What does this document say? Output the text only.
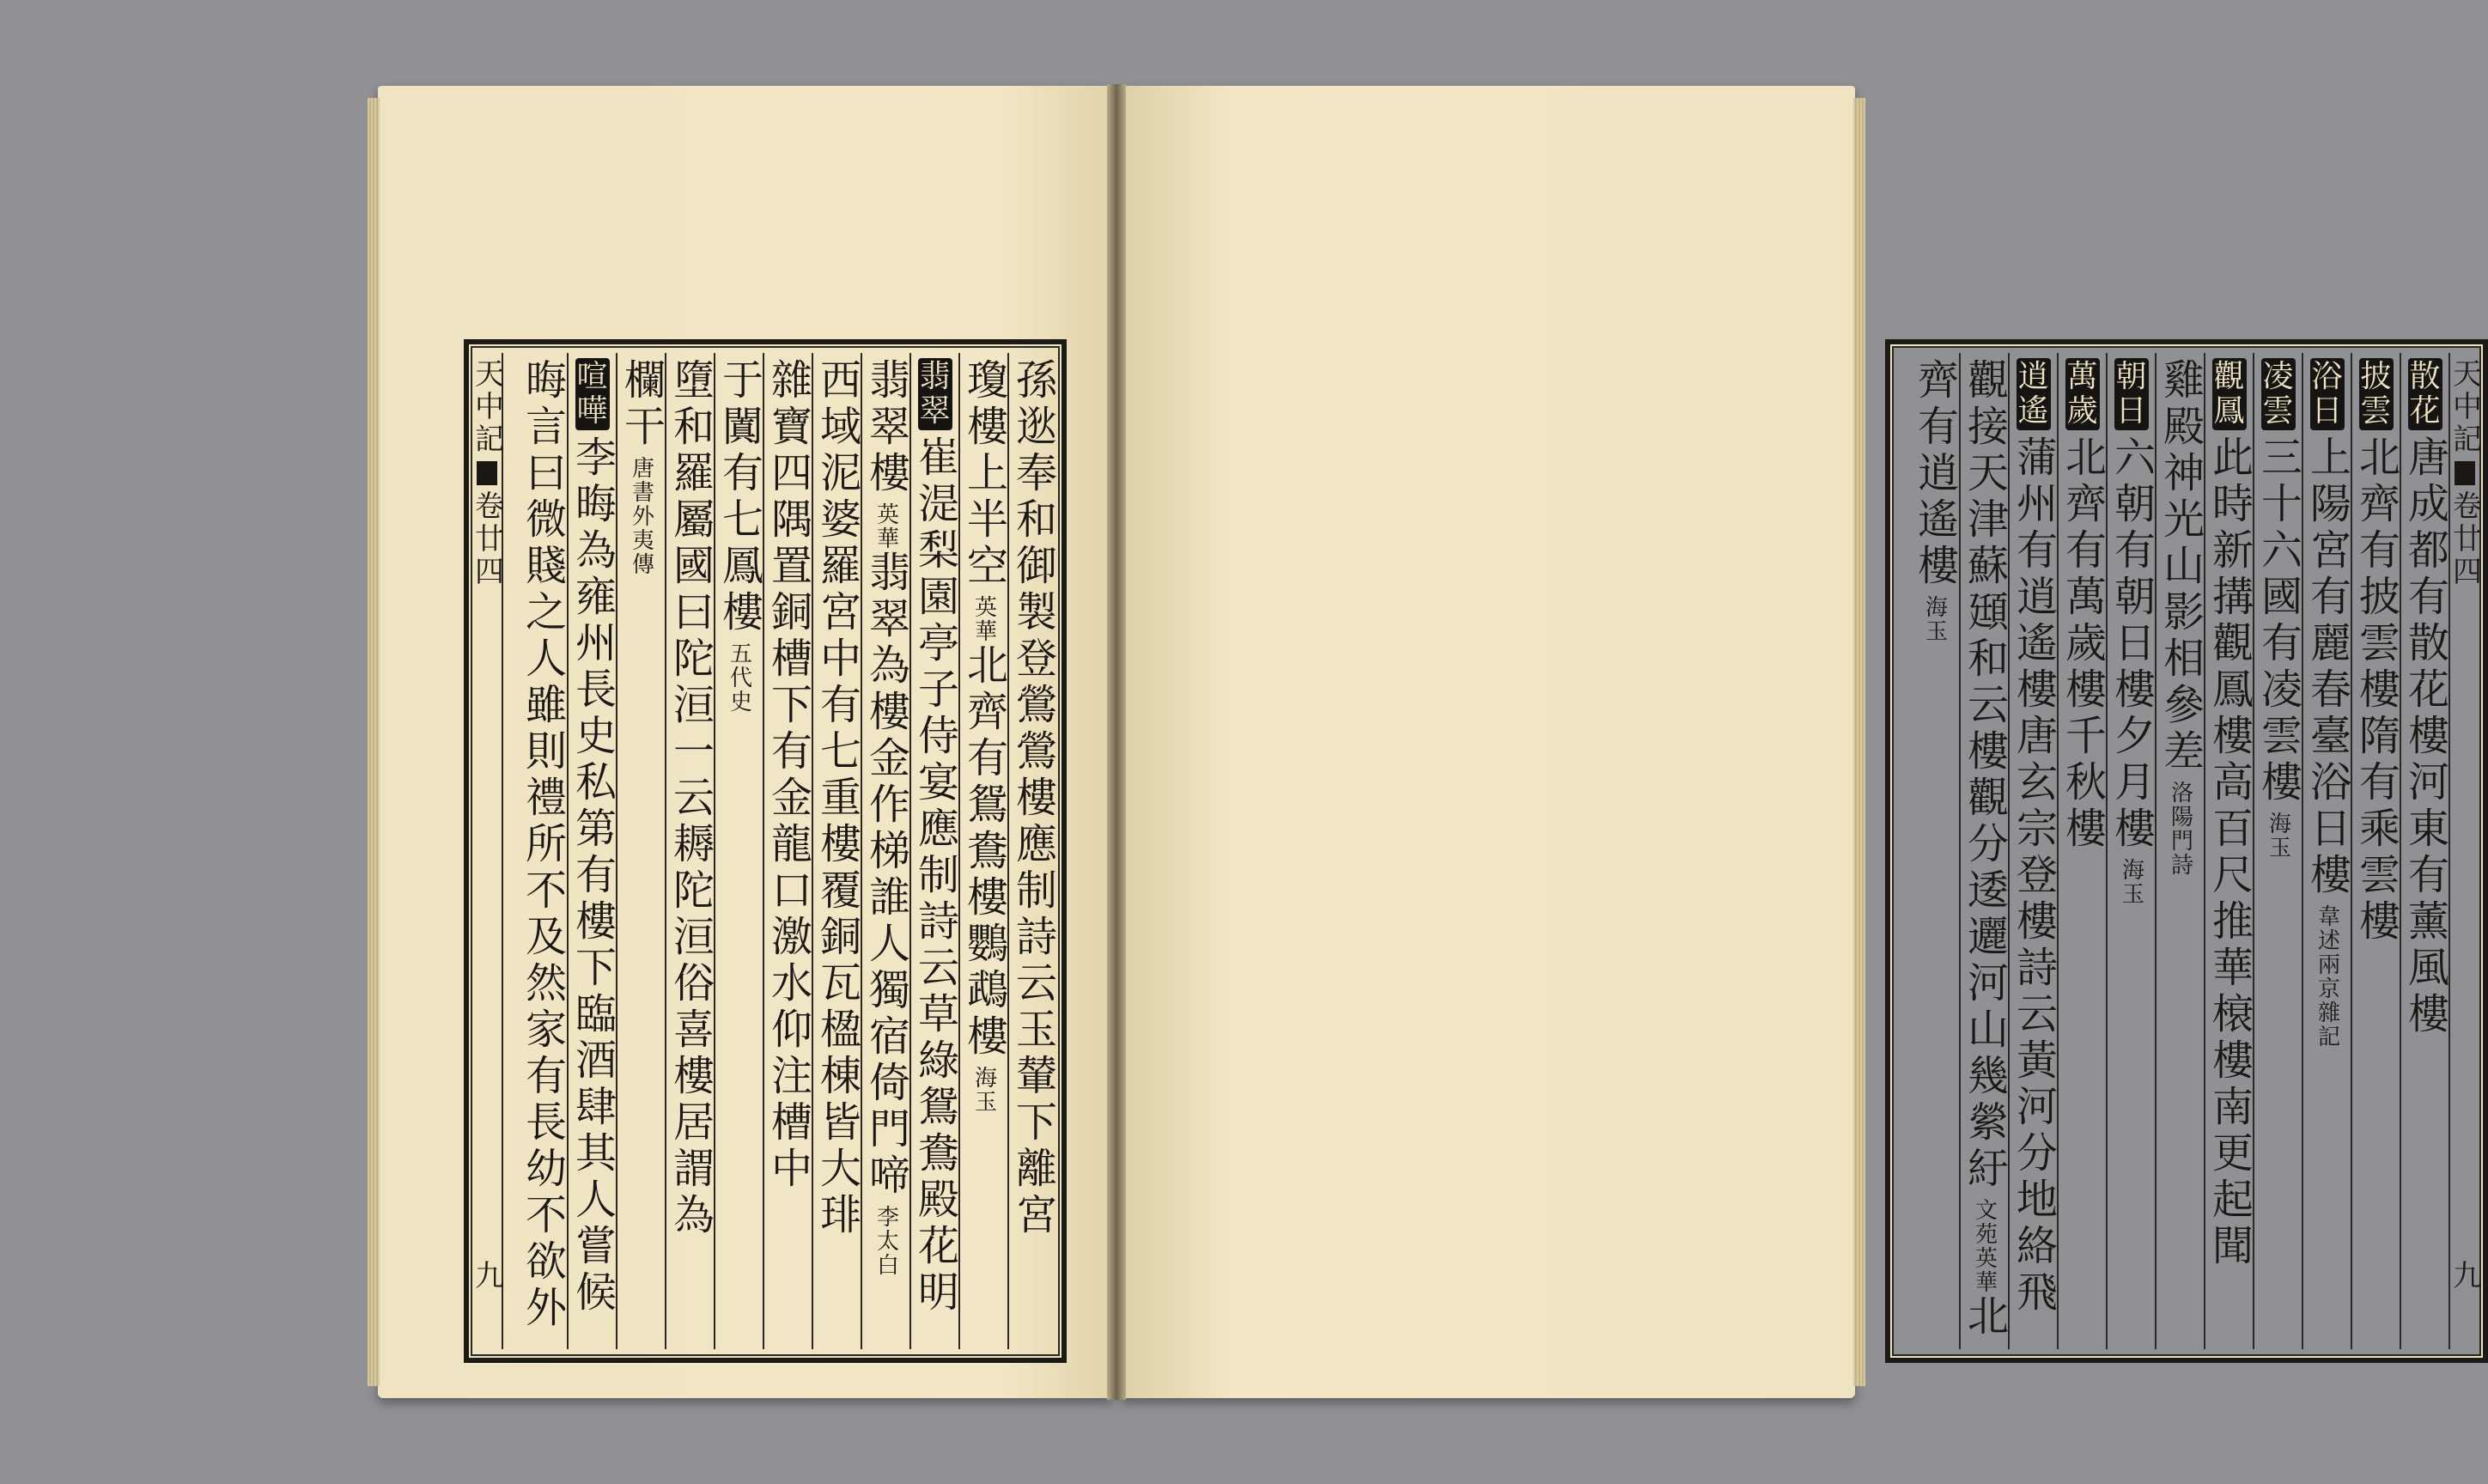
孫逖奉和御製登鶯鶯樓應制詩云玉輦下離宮
瓊樓上半空
英華
北齊有鴛鴦樓鸚鵡樓
海玉
翡翠
崔湜梨園亭子侍宴應制詩云草綠鴛鴦殿花明
翡翠樓
英華
翡翠為樓金作梯誰人獨宿倚門啼
李太白
西域泥婆羅宮中有七重樓覆銅瓦楹棟皆大琲
雜寶四隅置銅槽下有金龍口激水仰注槽中
于闐有七鳳樓
五代史
墮和羅屬國曰陀洹一云耨陀洹俗喜樓居謂為
欄干
唐書外夷傳
喧嘩
李晦為雍州長史私第有樓下臨酒肆其人嘗候
晦言曰微賤之人雖則禮所不及然家有長幼不欲外
天中記
卷廿四
九
散花
唐成都有散花樓河東有薰風樓
披雲
北齊有披雲樓隋有乘雲樓
浴日
上陽宮有麗春臺浴日樓
韋述兩京雜記
凌雲
三十六國有凌雲樓
海玉
觀鳳
此時新搆觀鳳樓高百尺推華榱樓南更起聞
雞殿神光山影相參差
洛陽門詩
朝日
六朝有朝日樓夕月樓
海玉
萬歲
北齊有萬歲樓千秋樓
逍遙
蒲州有逍遙樓唐玄宗登樓詩云黃河分地絡飛
觀接天津蘇頲和云樓觀分逶邐河山幾縈紆
文苑英華
北
齊有逍遙樓
海玉
天中記
卷廿四
九
